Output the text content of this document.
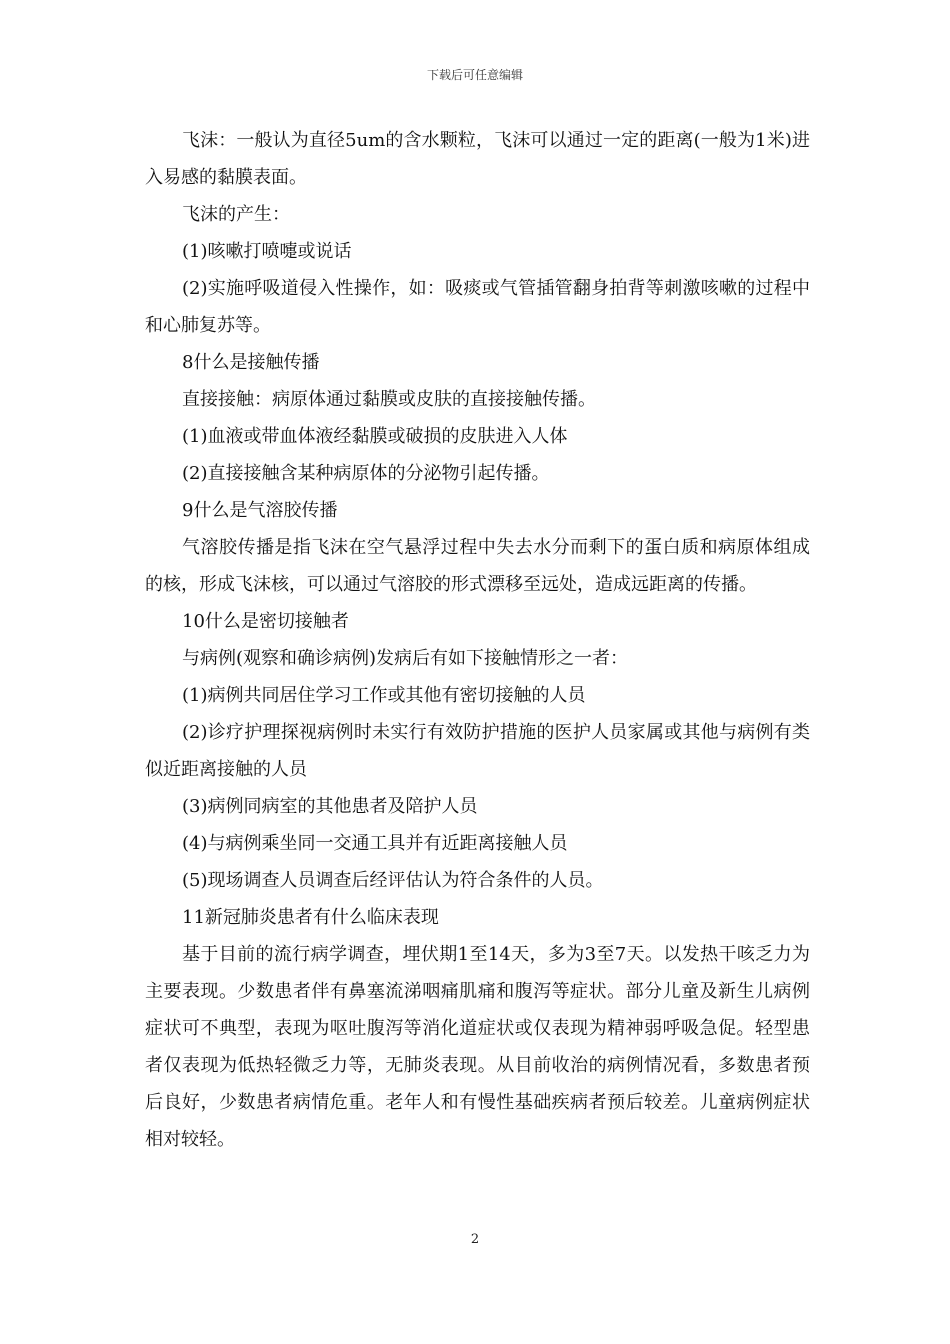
下载后可任意编辑

飞沫：一般认为直径5um的含水颗粒，飞沫可以通过一定的距离(一般为1米)进入易感的黏膜表面。

飞沫的产生：

(1)咳嗽打喷嚏或说话

(2)实施呼吸道侵入性操作，如：吸痰或气管插管翻身拍背等刺激咳嗽的过程中和心肺复苏等。

8什么是接触传播

直接接触：病原体通过黏膜或皮肤的直接接触传播。

(1)血液或带血体液经黏膜或破损的皮肤进入人体

(2)直接接触含某种病原体的分泌物引起传播。

9什么是气溶胶传播

气溶胶传播是指飞沫在空气悬浮过程中失去水分而剩下的蛋白质和病原体组成的核，形成飞沫核，可以通过气溶胶的形式漂移至远处，造成远距离的传播。

10什么是密切接触者

与病例(观察和确诊病例)发病后有如下接触情形之一者：

(1)病例共同居住学习工作或其他有密切接触的人员

(2)诊疗护理探视病例时未实行有效防护措施的医护人员家属或其他与病例有类似近距离接触的人员

(3)病例同病室的其他患者及陪护人员

(4)与病例乘坐同一交通工具并有近距离接触人员

(5)现场调查人员调查后经评估认为符合条件的人员。

11新冠肺炎患者有什么临床表现

基于目前的流行病学调查，埋伏期1至14天，多为3至7天。以发热干咳乏力为主要表现。少数患者伴有鼻塞流涕咽痛肌痛和腹泻等症状。部分儿童及新生儿病例症状可不典型，表现为呕吐腹泻等消化道症状或仅表现为精神弱呼吸急促。轻型患者仅表现为低热轻微乏力等，无肺炎表现。从目前收治的病例情况看，多数患者预后良好，少数患者病情危重。老年人和有慢性基础疾病者预后较差。儿童病例症状相对较轻。

2
